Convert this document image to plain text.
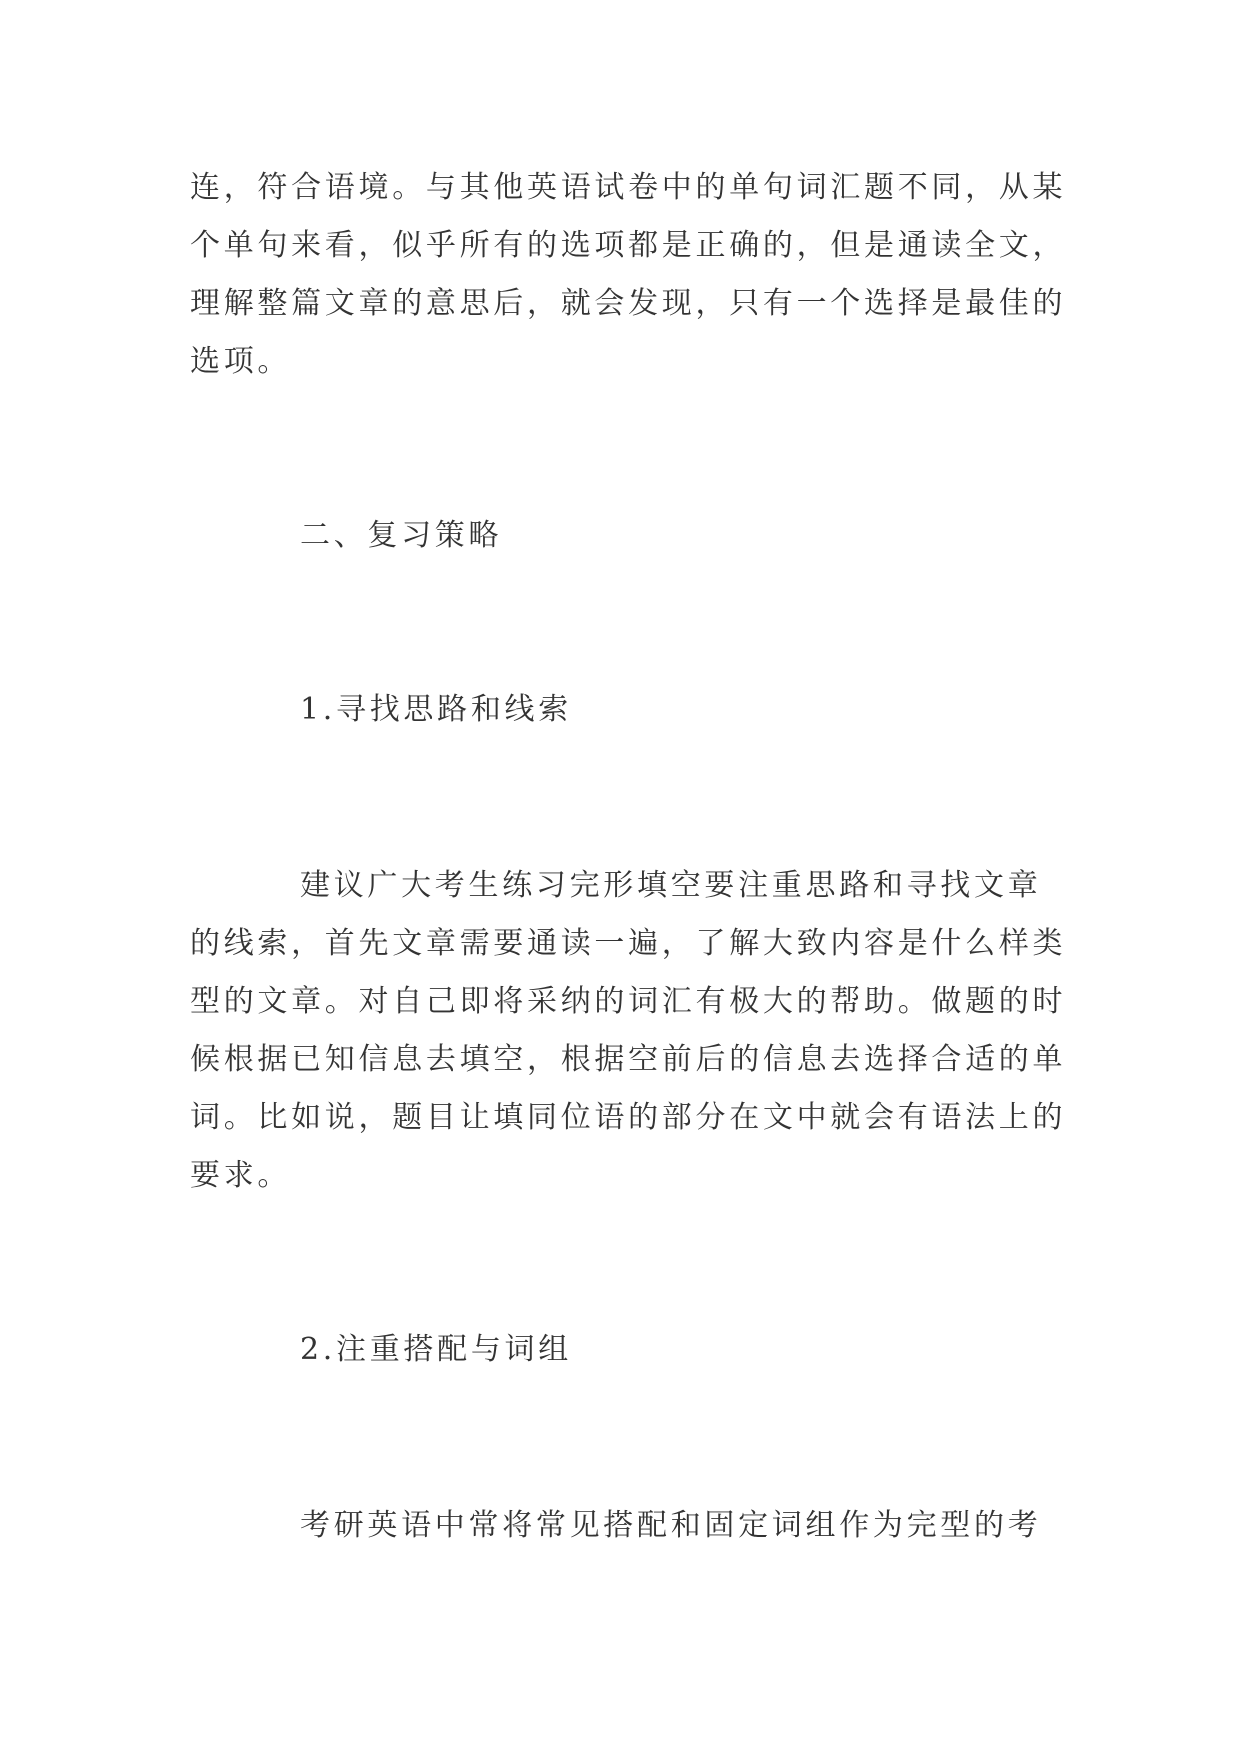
连，符合语境。与其他英语试卷中的单句词汇题不同，从某
个单句来看，似乎所有的选项都是正确的，但是通读全文，
理解整篇文章的意思后，就会发现，只有一个选择是最佳的
选项。
二、复习策略
1.寻找思路和线索
建议广大考生练习完形填空要注重思路和寻找文章
的线索，首先文章需要通读一遍，了解大致内容是什么样类
型的文章。对自己即将采纳的词汇有极大的帮助。做题的时
候根据已知信息去填空，根据空前后的信息去选择合适的单
词。比如说，题目让填同位语的部分在文中就会有语法上的
要求。
2.注重搭配与词组
考研英语中常将常见搭配和固定词组作为完型的考
